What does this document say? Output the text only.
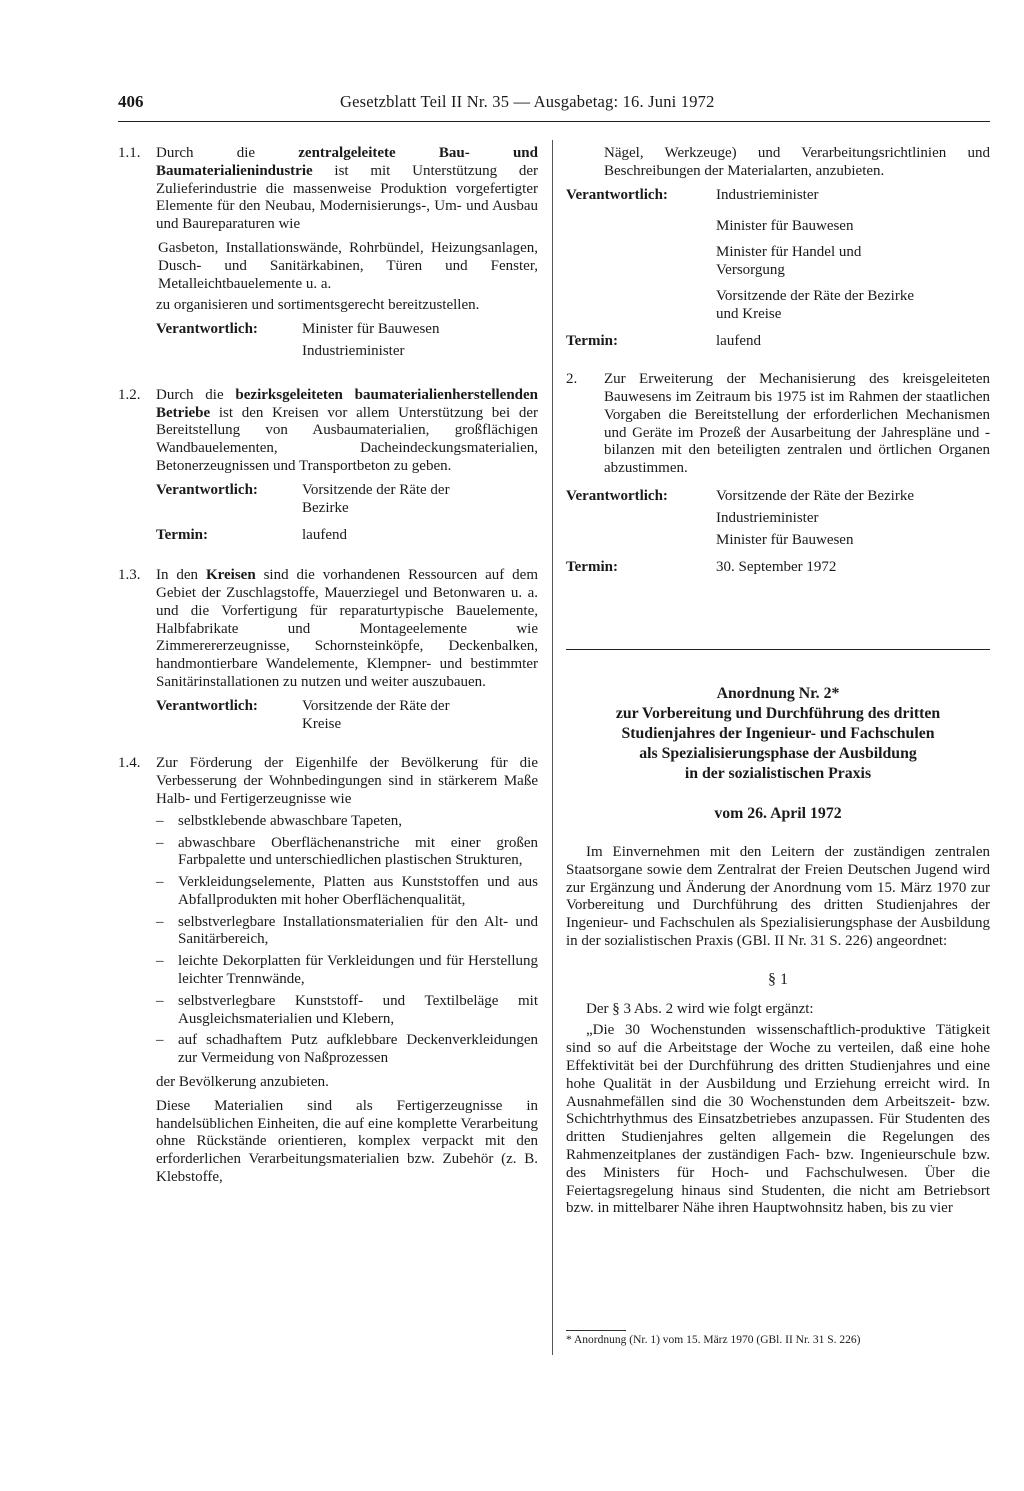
406	Gesetzblatt Teil II Nr. 35 — Ausgabetag: 16. Juni 1972
1.1.	Durch die zentralgeleitete Bau- und Baumaterialienindustrie ist mit Unterstützung der Zulieferindustrie die massenweise Produktion vorgefertigter Elemente für den Neubau, Modernisierungs-, Um- und Ausbau und Baureparaturen wie
Gasbeton, Installationswände, Rohrbündel, Heizungsanlagen, Dusch- und Sanitärkabinen, Türen und Fenster, Metalleichtbauelemente u. a.
zu organisieren und sortimentsgerecht bereitzustellen.
Verantwortlich:	Minister für Bauwesen
Industrieminister
1.2.	Durch die bezirksgeleiteten baumaterialienherstellenden Betriebe ist den Kreisen vor allem Unterstützung bei der Bereitstellung von Ausbaumaterialien, großflächigen Wandbauelementen, Dacheindeckungsmaterialien, Betonerzeugnissen und Transportbeton zu geben.
Verantwortlich:	Vorsitzende der Räte der Bezirke
Termin:	laufend
1.3.	In den Kreisen sind die vorhandenen Ressourcen auf dem Gebiet der Zuschlagstoffe, Mauerziegel und Betonwaren u. a. und die Vorfertigung für reparaturtypische Bauelemente, Halbfabrikate und Montageelemente wie Zimmerererzeugnisse, Schornsteinköpfe, Deckenbalken, handmontierbare Wandelemente, Klempner- und bestimmter Sanitärinstallationen zu nutzen und weiter auszubauen.
Verantwortlich:	Vorsitzende der Räte der Kreise
1.4.	Zur Förderung der Eigenhilfe der Bevölkerung für die Verbesserung der Wohnbedingungen sind in stärkerem Maße Halb- und Fertigerzeugnisse wie
– selbstklebende abwaschbare Tapeten,
– abwaschbare Oberflächenanstriche mit einer großen Farbpalette und unterschiedlichen plastischen Strukturen,
– Verkleidungselemente, Platten aus Kunststoffen und aus Abfallprodukten mit hoher Oberflächenqualität,
– selbstverlegbare Installationsmaterialien für den Alt- und Sanitärbereich,
– leichte Dekorplatten für Verkleidungen und für Herstellung leichter Trennwände,
– selbstverlegbare Kunststoff- und Textilbeläge mit Ausgleichsmaterialien und Klebern,
– auf schadhaftem Putz aufklebbare Deckenverkleidungen zur Vermeidung von Naßprozessen
der Bevölkerung anzubieten.
Diese Materialien sind als Fertigerzeugnisse in handelsüblichen Einheiten, die auf eine komplette Verarbeitung ohne Rückstände orientieren, komplex verpackt mit den erforderlichen Verarbeitungsmaterialien bzw. Zubehör (z. B. Klebstoffe,
Nägel, Werkzeuge) und Verarbeitungsrichtlinien und Beschreibungen der Materialarten, anzubieten.
Verantwortlich:	Industrieminister
Minister für Bauwesen
Minister für Handel und Versorgung
Vorsitzende der Räte der Bezirke und Kreise
Termin:	laufend
2.	Zur Erweiterung der Mechanisierung des kreisgeleiteten Bauwesens im Zeitraum bis 1975 ist im Rahmen der staatlichen Vorgaben die Bereitstellung der erforderlichen Mechanismen und Geräte im Prozeß der Ausarbeitung der Jahrespläne und -bilanzen mit den beteiligten zentralen und örtlichen Organen abzustimmen.
Verantwortlich:	Vorsitzende der Räte der Bezirke
Industrieminister
Minister für Bauwesen
Termin:	30. September 1972
Anordnung Nr. 2*
zur Vorbereitung und Durchführung des dritten
Studienjahres der Ingenieur- und Fachschulen
als Spezialisierungsphase der Ausbildung
in der sozialistischen Praxis
vom 26. April 1972
Im Einvernehmen mit den Leitern der zuständigen zentralen Staatsorgane sowie dem Zentralrat der Freien Deutschen Jugend wird zur Ergänzung und Änderung der Anordnung vom 15. März 1970 zur Vorbereitung und Durchführung des dritten Studienjahres der Ingenieur- und Fachschulen als Spezialisierungsphase der Ausbildung in der sozialistischen Praxis (GBl. II Nr. 31 S. 226) angeordnet:
§ 1
Der § 3 Abs. 2 wird wie folgt ergänzt:
„Die 30 Wochenstunden wissenschaftlich-produktive Tätigkeit sind so auf die Arbeitstage der Woche zu verteilen, daß eine hohe Effektivität bei der Durchführung des dritten Studienjahres und eine hohe Qualität in der Ausbildung und Erziehung erreicht wird. In Ausnahmefällen sind die 30 Wochenstunden dem Arbeitszeit- bzw. Schichtrhythmus des Einsatzbetriebes anzupassen. Für Studenten des dritten Studienjahres gelten allgemein die Regelungen des Rahmenzeitplanes der zuständigen Fach- bzw. Ingenieurschule bzw. des Ministers für Hoch- und Fachschulwesen. Über die Feiertagsregelung hinaus sind Studenten, die nicht am Betriebsort bzw. in mittelbarer Nähe ihren Hauptwohnsitz haben, bis zu vier
* Anordnung (Nr. 1) vom 15. März 1970 (GBl. II Nr. 31 S. 226)
